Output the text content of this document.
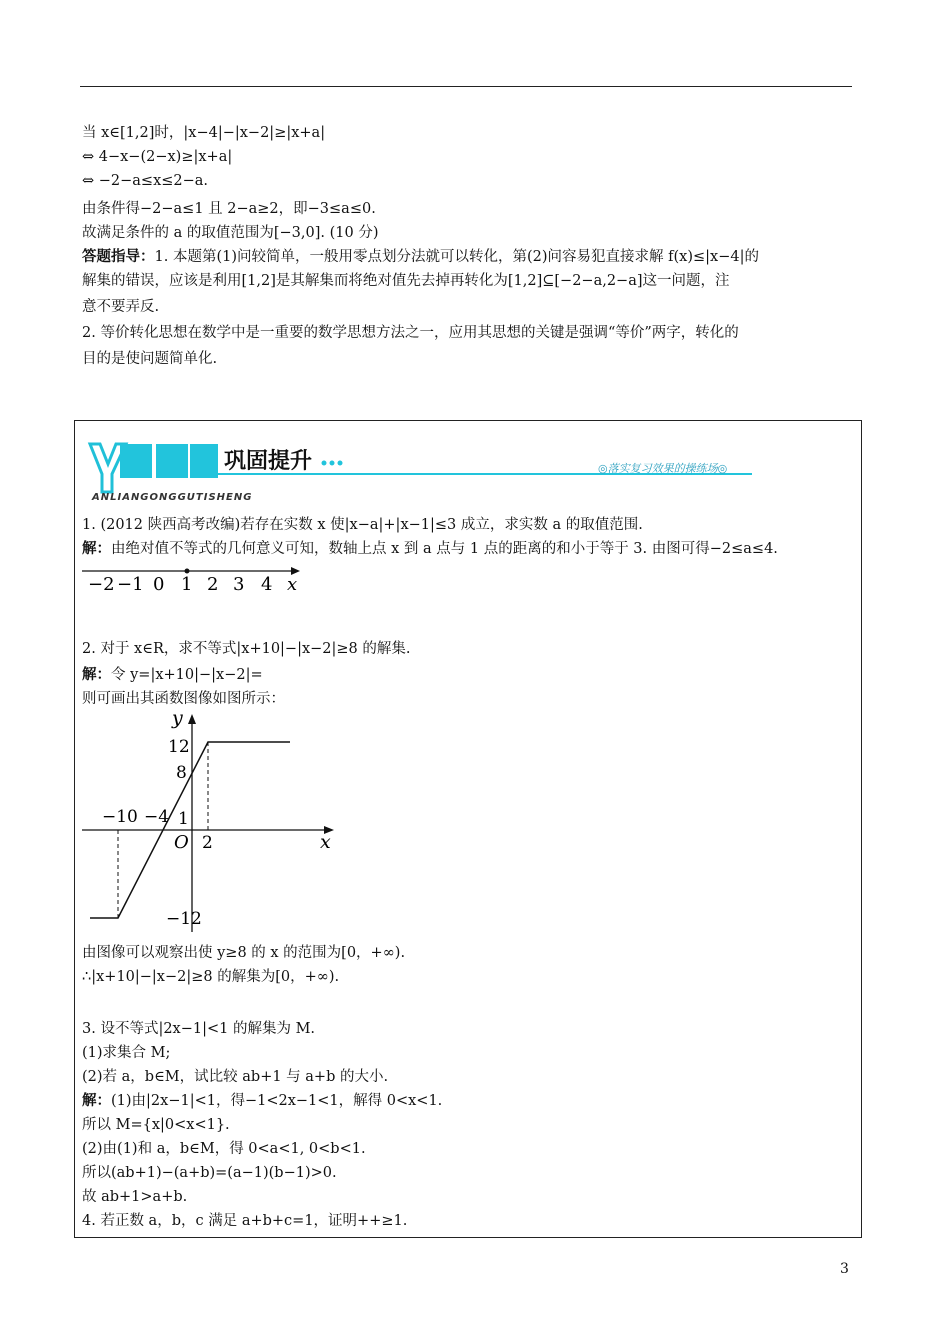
当 x∈[1,2]时，|x−4|−|x−2|≥|x+a|
⇔ 4−x−(2−x)≥|x+a|
⇔ −2−a≤x≤2−a.
由条件得−2−a≤1 且 2−a≥2，即−3≤a≤0.
故满足条件的 a 的取值范围为[−3,0]. (10 分)
答题指导：1. 本题第(1)问较简单，一般用零点划分法就可以转化，第(2)问容易犯直接求解 f(x)≤|x−4|的
解集的错误，应该是利用[1,2]是其解集而将绝对值先去掉再转化为[1,2]⊆[−2−a,2−a]这一问题，注
意不要弄反.
2. 等价转化思想在数学中是一重要的数学思想方法之一，应用其思想的关键是强调“等价”两字，转化的
目的是使问题简单化.
巩固提升
ANLIANGONGGUTISHENG
◎落实复习效果的操练场◎
1. (2012 陕西高考改编)若存在实数 x 使|x−a|+|x−1|≤3 成立，求实数 a 的取值范围.
解：由绝对值不等式的几何意义可知，数轴上点 x 到 a 点与 1 点的距离的和小于等于 3. 由图可得−2≤a≤4.
−2 −1 0 1 2 3 4 x
2. 对于 x∈R，求不等式|x+10|−|x−2|≥8 的解集.
解：令 y=|x+10|−|x−2|=
则可画出其函数图像如图所示：
y
x
O
12
8
1
−12
−10 −4
2
由图像可以观察出使 y≥8 的 x 的范围为[0，+∞).
∴|x+10|−|x−2|≥8 的解集为[0，+∞).
3. 设不等式|2x−1|<1 的解集为 M.
(1)求集合 M;
(2)若 a，b∈M，试比较 ab+1 与 a+b 的大小.
解：(1)由|2x−1|<1，得−1<2x−1<1，解得 0<x<1.
所以 M={x|0<x<1}.
(2)由(1)和 a，b∈M，得 0<a<1, 0<b<1.
所以(ab+1)−(a+b)=(a−1)(b−1)>0.
故 ab+1>a+b.
4. 若正数 a，b，c 满足 a+b+c=1，证明++≥1.
3
